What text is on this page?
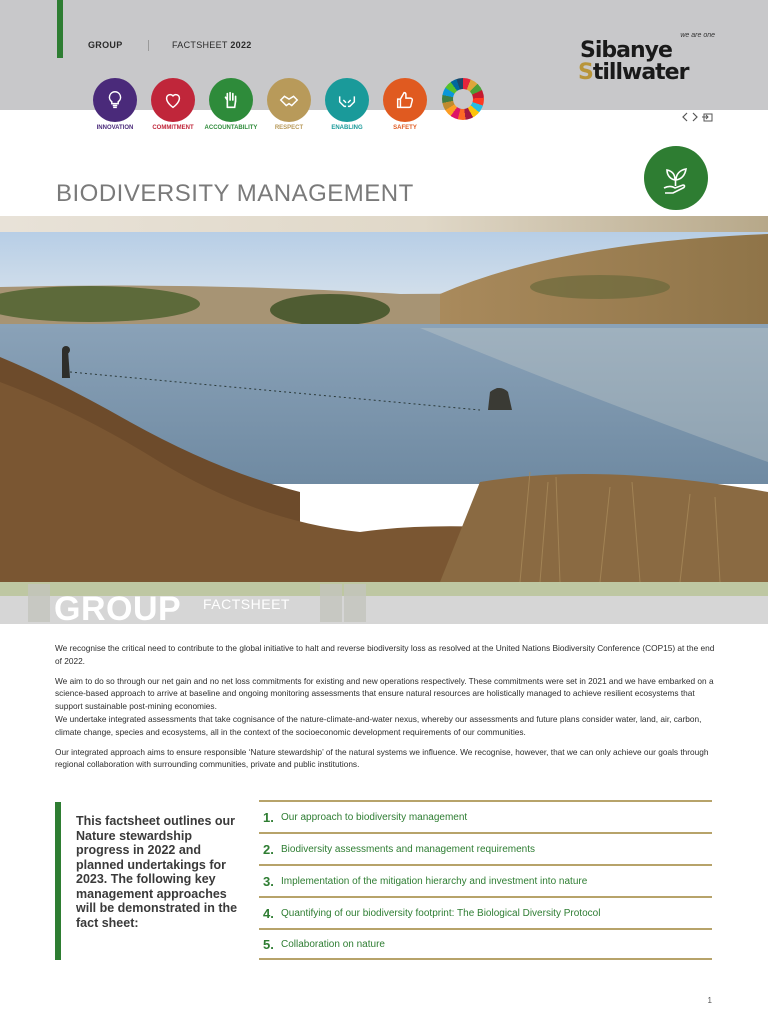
GROUP	FACTSHEET 2022
we are one
Sibanye
Stillwater
INNOVATION	COMMITMENT ACCOUNTABILITY	RESPECT	ENABLING	SAFETY
BIODIVERSITY MANAGEMENT
GROUP FACTSHEET

We recognise the critical need to contribute to the global initiative to halt and reverse biodiversity loss as resolved at the United Nations Biodiversity Conference (COP15) at the end of 2022.

We aim to do so through our net gain and no net loss commitments for existing and new operations respectively. These commitments were set in 2021 and we have embarked on a science-based approach to arrive at baseline and ongoing monitoring assessments that ensure natural resources are holistically managed to achieve resilient ecosystems that support sustainable post-mining economies.

We undertake integrated assessments that take cognisance of the nature-climate-and-water nexus, whereby our assessments and future plans consider water, land, air, carbon, climate change, species and ecosystems, all in the context of the socioeconomic development requirements of our communities.

Our integrated approach aims to ensure responsible ‘Nature stewardship’ of the natural systems we influence. We recognise, however, that we can only achieve our goals through regional collaboration with surrounding communities, private and public institutions.

This factsheet outlines our Nature stewardship progress in 2022 and planned undertakings for 2023. The following key management approaches will be demonstrated in the fact sheet:

1. Our approach to biodiversity management
2. Biodiversity assessments and management requirements
3. Implementation of the mitigation hierarchy and investment into nature
4. Quantifying of our biodiversity footprint: The Biological Diversity Protocol
5. Collaboration on nature
1
